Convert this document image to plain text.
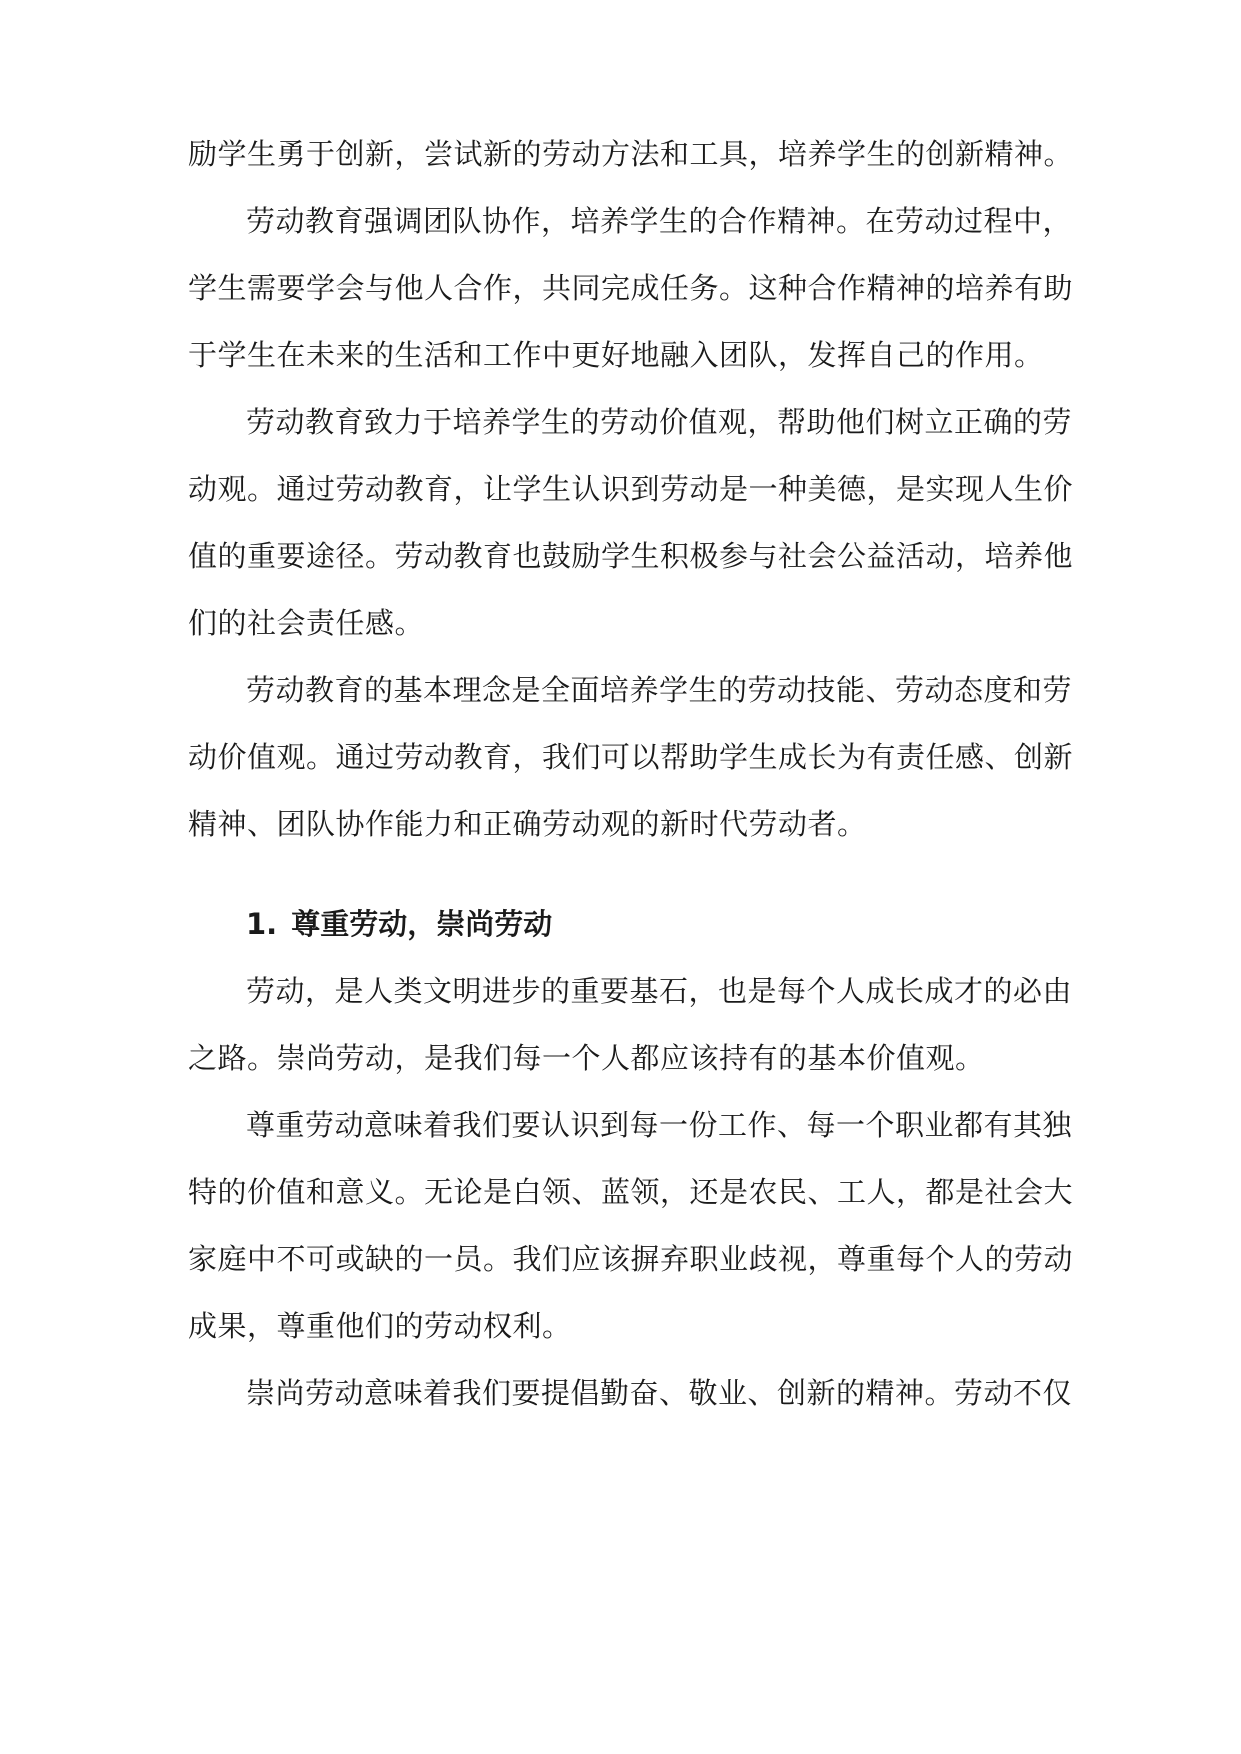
励学生勇于创新，尝试新的劳动方法和工具，培养学生的创新精神。
劳动教育强调团队协作，培养学生的合作精神。在劳动过程中，
学生需要学会与他人合作，共同完成任务。这种合作精神的培养有助
于学生在未来的生活和工作中更好地融入团队，发挥自己的作用。
劳动教育致力于培养学生的劳动价值观，帮助他们树立正确的劳
动观。通过劳动教育，让学生认识到劳动是一种美德，是实现人生价
值的重要途径。劳动教育也鼓励学生积极参与社会公益活动，培养他
们的社会责任感。
劳动教育的基本理念是全面培养学生的劳动技能、劳动态度和劳
动价值观。通过劳动教育，我们可以帮助学生成长为有责任感、创新
精神、团队协作能力和正确劳动观的新时代劳动者。
1. 尊重劳动，崇尚劳动
劳动，是人类文明进步的重要基石，也是每个人成长成才的必由
之路。崇尚劳动，是我们每一个人都应该持有的基本价值观。
尊重劳动意味着我们要认识到每一份工作、每一个职业都有其独
特的价值和意义。无论是白领、蓝领，还是农民、工人，都是社会大
家庭中不可或缺的一员。我们应该摒弃职业歧视，尊重每个人的劳动
成果，尊重他们的劳动权利。
崇尚劳动意味着我们要提倡勤奋、敬业、创新的精神。劳动不仅
